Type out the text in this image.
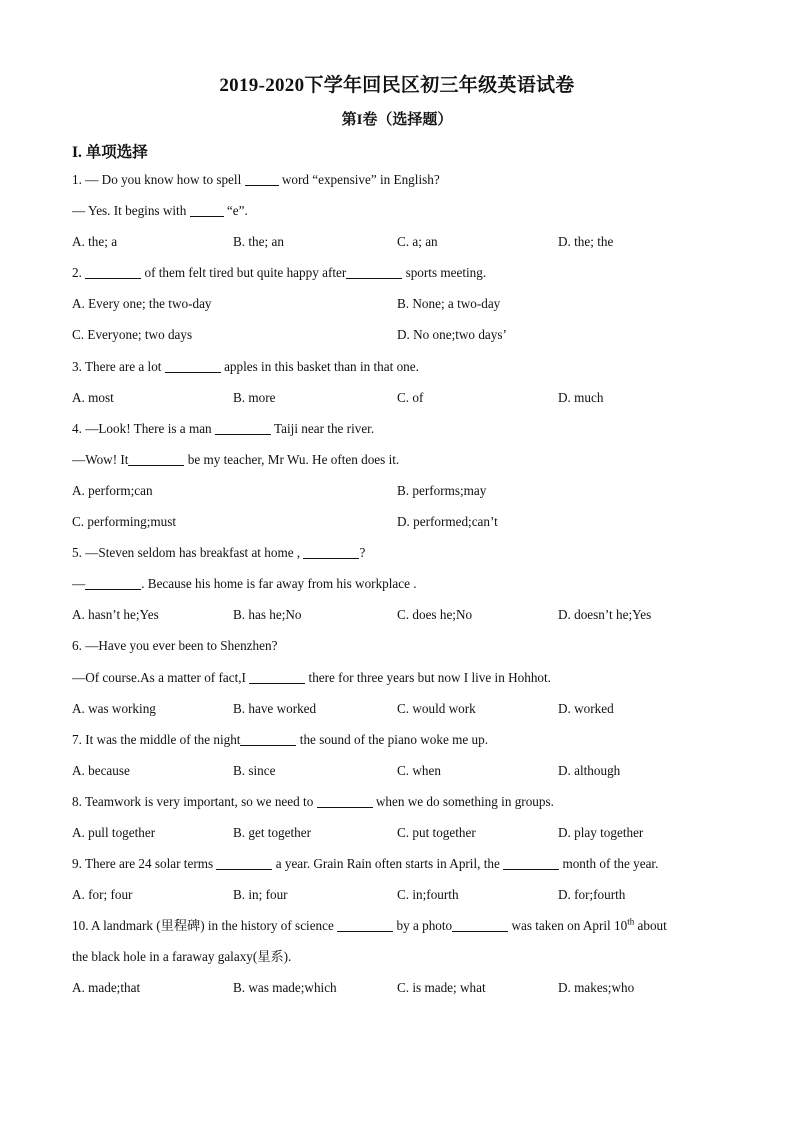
2019-2020下学年回民区初三年级英语试卷
第I卷（选择题）
I. 单项选择
1. — Do you know how to spell	word “expensive” in English?
— Yes. It begins with	“e”.
A. the; a	B. the; an	C. a; an	D. the; the
2.	of them felt tired but quite happy after	sports meeting.
A. Every one; the two-day	B. None; a two-day
C. Everyone; two days	D. No one;two days’
3. There are a lot	apples in this basket than in that one.
A. most	B. more	C. of	D. much
4. —Look! There is a man	Taiji near the river.
—Wow! It	be my teacher, Mr Wu. He often does it.
A. perform;can	B. performs;may
C. performing;must	D. performed;can’t
5. —Steven seldom has breakfast at home ,	?
—	. Because his home is far away from his workplace .
A. hasn’t he;Yes	B. has he;No	C. does he;No	D. doesn’t he;Yes
6. —Have you ever been to Shenzhen?
—Of course.As a matter of fact,I	there for three years but now I live in Hohhot.
A. was working	B. have worked	C. would work	D. worked
7. It was the middle of the night	the sound of the piano woke me up.
A. because	B. since	C. when	D. although
8. Teamwork is very important, so we need to	when we do something in groups.
A. pull together	B. get together	C. put together	D. play together
9. There are 24 solar terms	a year. Grain Rain often starts in April, the	month of the year.
A. for; four	B. in; four	C. in;fourth	D. for;fourth
10. A landmark (里程碑) in the history of science	by a photo	was taken on April 10th about
the black hole in a faraway galaxy(星系).
A. made;that	B. was made;which	C. is made; what	D. makes;who
